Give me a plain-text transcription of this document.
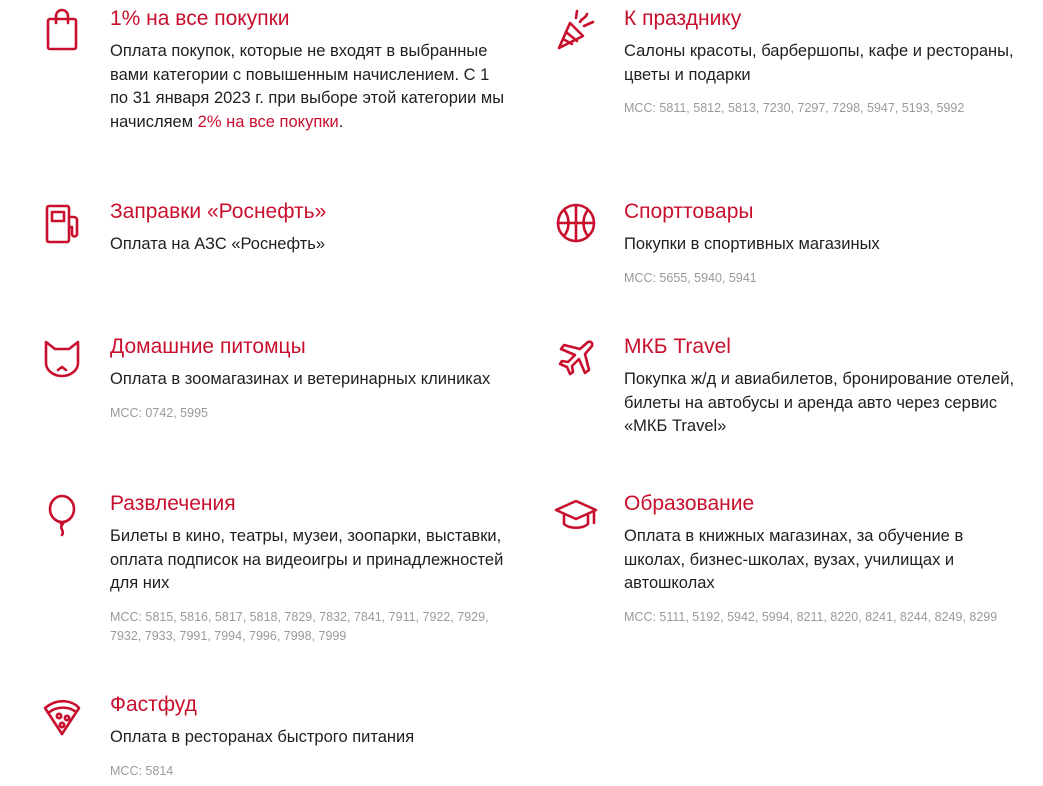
1% на все покупки

Оплата покупок, которые не входят в выбранные вами категории с повышенным начислением. С 1 по 31 января 2023 г. при выборе этой категории мы начисляем 2% на все покупки.

К празднику

Салоны красоты, барбершопы, кафе и рестораны, цветы и подарки

МСС: 5811, 5812, 5813, 7230, 7297, 7298, 5947, 5193, 5992
Заправки «Роснефть»

Оплата на АЗС «Роснефть»

Спорттовары

Покупки в спортивных магазиных

МСС: 5655, 5940, 5941
Домашние питомцы

Оплата в зоомагазинах и ветеринарных клиниках

МСС: 0742, 5995
МКБ Travel

Покупка ж/д и авиабилетов, бронирование отелей, билеты на автобусы и аренда авто через сервис «МКБ Travel»

Развлечения

Билеты в кино, театры, музеи, зоопарки, выставки, оплата подписок на видеоигры и принадлежностей для них

МСС: 5815, 5816, 5817, 5818, 7829, 7832, 7841, 7911, 7922, 7929, 7932, 7933, 7991, 7994, 7996, 7998, 7999
Образование

Оплата в книжных магазинах, за обучение в школах, бизнес-школах, вузах, училищах и автошколах

МСС: 5111, 5192, 5942, 5994, 8211, 8220, 8241, 8244, 8249, 8299
Фастфуд

Оплата в ресторанах быстрого питания

МСС: 5814
